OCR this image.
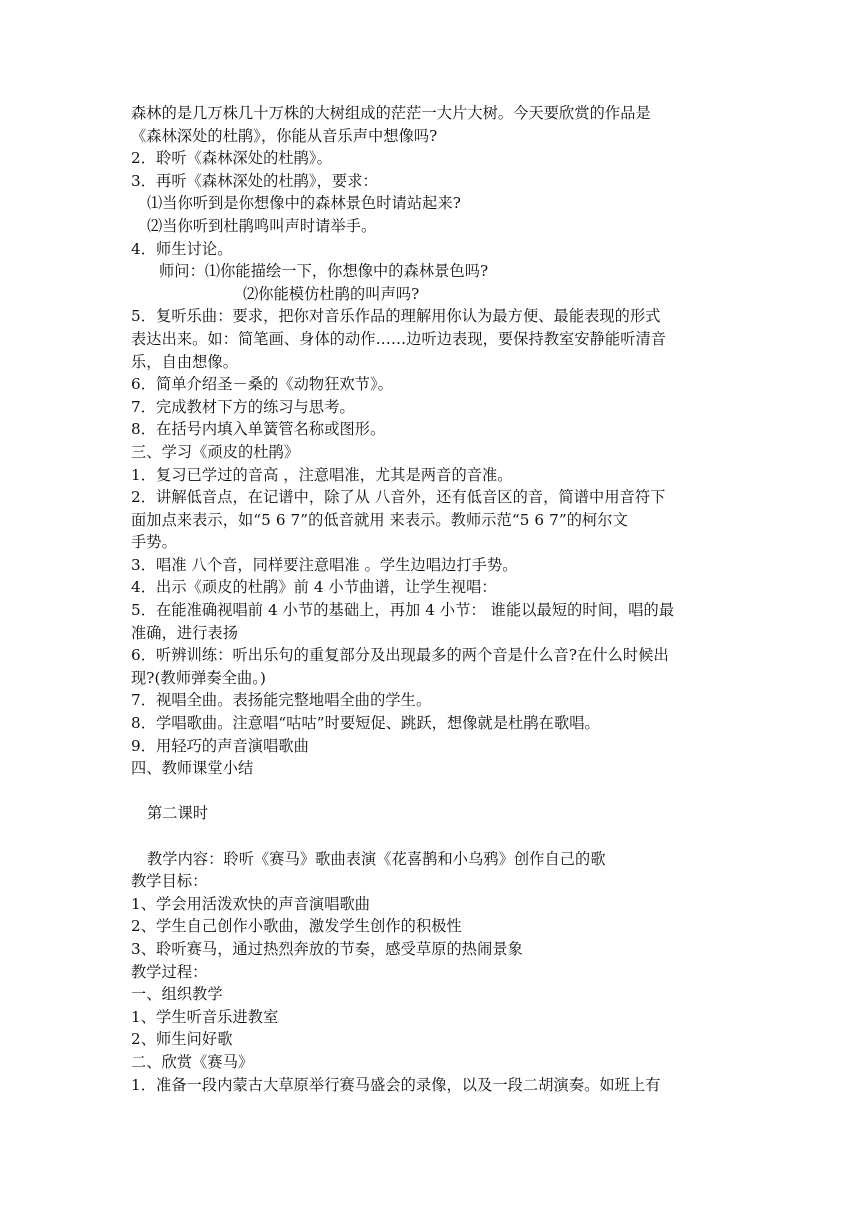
森林的是几万株几十万株的大树组成的茫茫一大片大树。今天要欣赏的作品是
《森林深处的杜鹃》，你能从音乐声中想像吗?
2．聆听《森林深处的杜鹃》。
3．再听《森林深处的杜鹃》，要求：
⑴当你听到是你想像中的森林景色时请站起来?
⑵当你听到杜鹃鸣叫声时请举手。
4．师生讨论。
师问：⑴你能描绘一下，你想像中的森林景色吗?
⑵你能模仿杜鹃的叫声吗?
5．复听乐曲：要求，把你对音乐作品的理解用你认为最方便、最能表现的形式
表达出来。如：简笔画、身体的动作……边听边表现，要保持教室安静能听清音
乐，自由想像。
6．简单介绍圣－桑的《动物狂欢节》。
7．完成教材下方的练习与思考。
8．在括号内填入单簧管名称或图形。
三、学习《顽皮的杜鹃》
1．复习已学过的音高 ，注意唱准，尤其是两音的音准。
2．讲解低音点，在记谱中，除了从 八音外，还有低音区的音，简谱中用音符下
面加点来表示，如“5 6 7”的低音就用 来表示。教师示范“5 6 7”的柯尔文
手势。
3．唱准 八个音，同样要注意唱准 。学生边唱边打手势。
4．出示《顽皮的杜鹃》前 4 小节曲谱，让学生视唱：
5．在能准确视唱前 4 小节的基础上，再加 4 小节： 谁能以最短的时间，唱的最
准确，进行表扬
6．听辨训练：听出乐句的重复部分及出现最多的两个音是什么音?在什么时候出
现?(教师弹奏全曲。)
7．视唱全曲。表扬能完整地唱全曲的学生。
8．学唱歌曲。注意唱“咕咕”时要短促、跳跃，想像就是杜鹃在歌唱。
9．用轻巧的声音演唱歌曲
四、教师课堂小结
第二课时
教学内容：聆听《赛马》歌曲表演《花喜鹊和小乌鸦》创作自己的歌
教学目标：
1、学会用活泼欢快的声音演唱歌曲
2、学生自己创作小歌曲，激发学生创作的积极性
3、聆听赛马，通过热烈奔放的节奏，感受草原的热闹景象
教学过程：
一、组织教学
1、学生听音乐进教室
2、师生问好歌
二、欣赏《赛马》
1．准备一段内蒙古大草原举行赛马盛会的录像，以及一段二胡演奏。如班上有
